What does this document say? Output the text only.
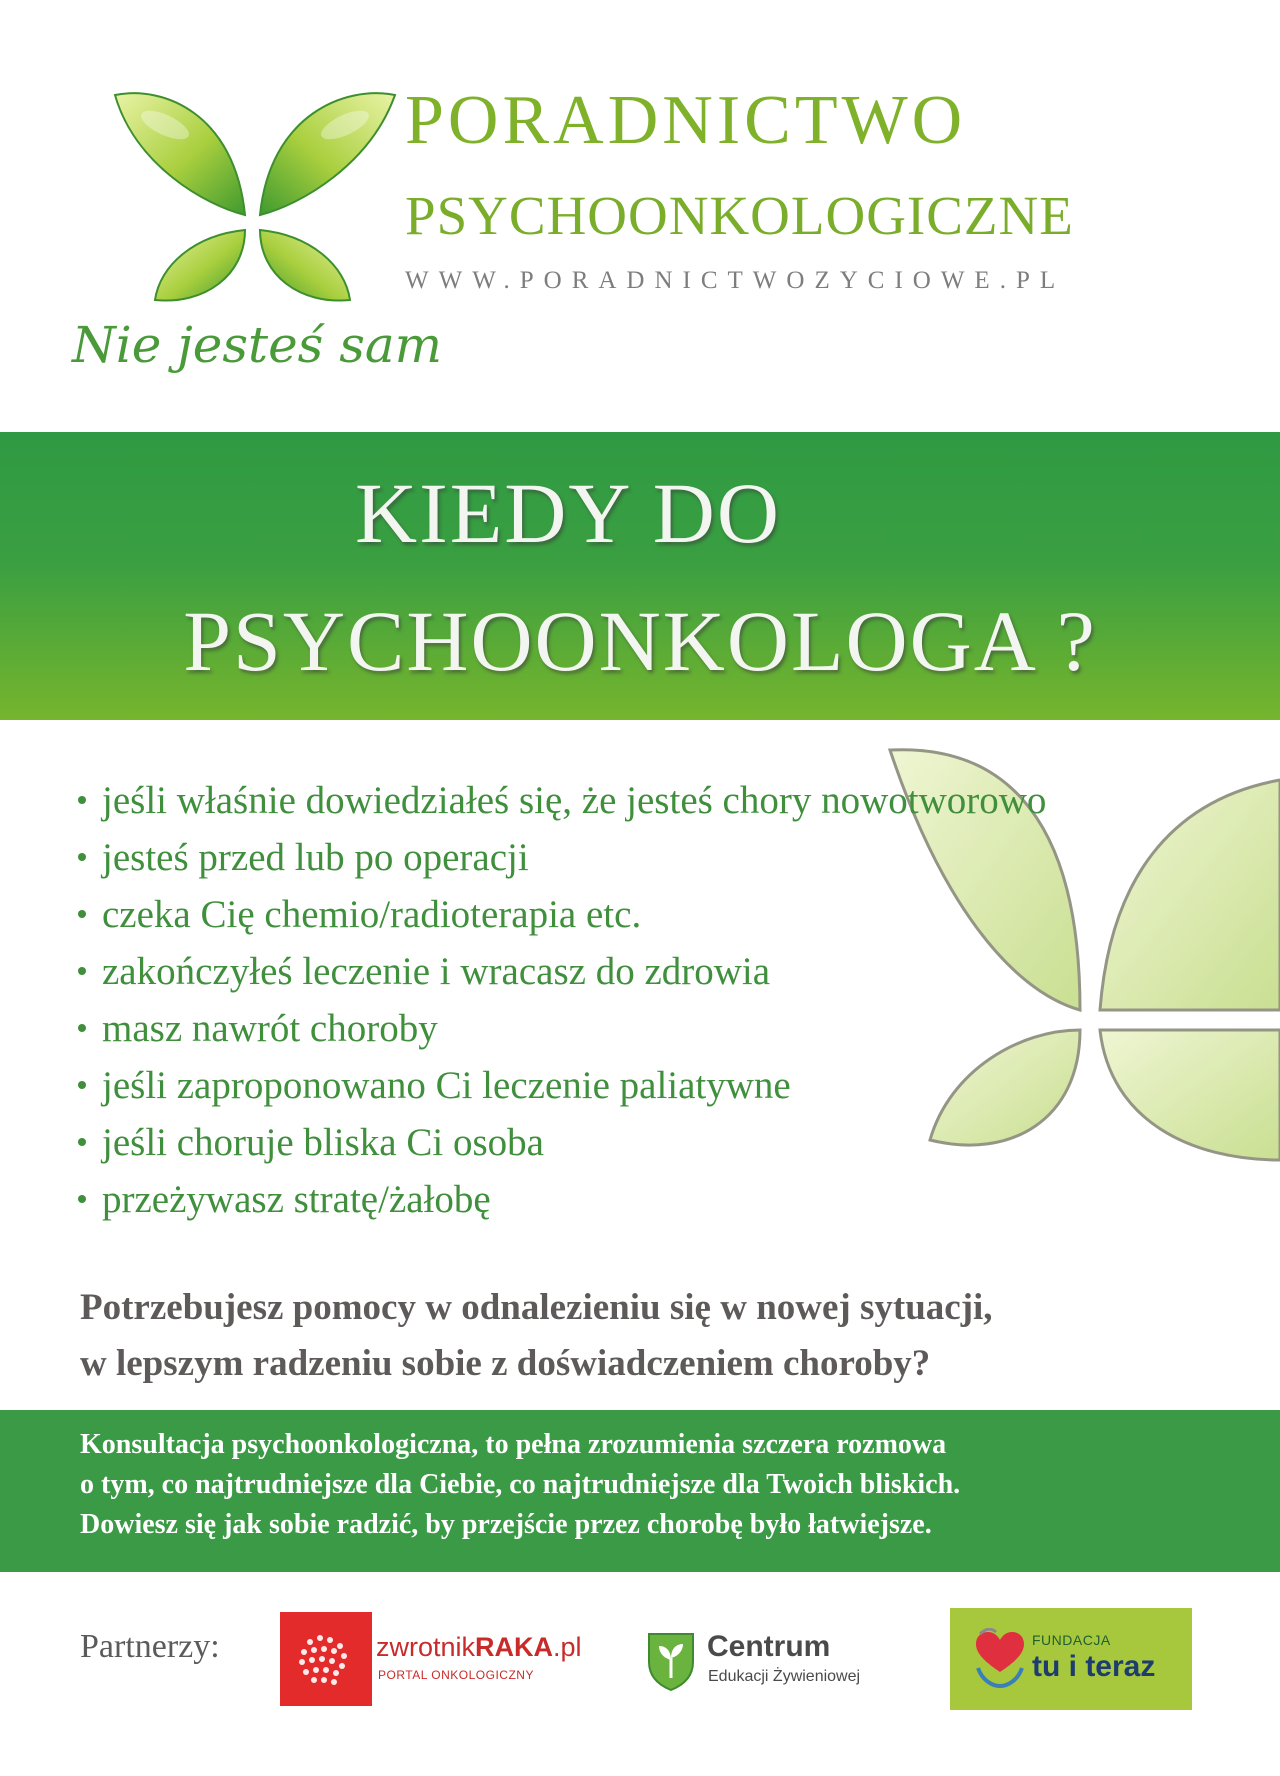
PORADNICTWO
PSYCHOONKOLOGICZNE
WWW.PORADNICTWOZYCIOWE.PL
Nie jesteś sam
KIEDY DO
PSYCHOONKOLOGA ?
jeśli właśnie dowiedziałeś się, że jesteś chory nowotworowo
jesteś przed lub po operacji
czeka Cię chemio/radioterapia etc.
zakończyłeś leczenie i wracasz do zdrowia
masz nawrót choroby
jeśli zaproponowano Ci leczenie paliatywne
jeśli choruje bliska Ci osoba
przeżywasz stratę/żałobę

Potrzebujesz pomocy w odnalezieniu się w nowej sytuacji,
w lepszym radzeniu sobie z doświadczeniem choroby?

Konsultacja psychoonkologiczna, to pełna zrozumienia szczera rozmowa
o tym, co najtrudniejsze dla Ciebie, co najtrudniejsze dla Twoich bliskich.
Dowiesz się jak sobie radzić, by przejście przez chorobę było łatwiejsze.

Partnerzy:	zwrotnikRAKA.pl
PORTAL ONKOLOGICZNY
Centrum
Edukacji Żywieniowej
FUNDACJA
tu i teraz
